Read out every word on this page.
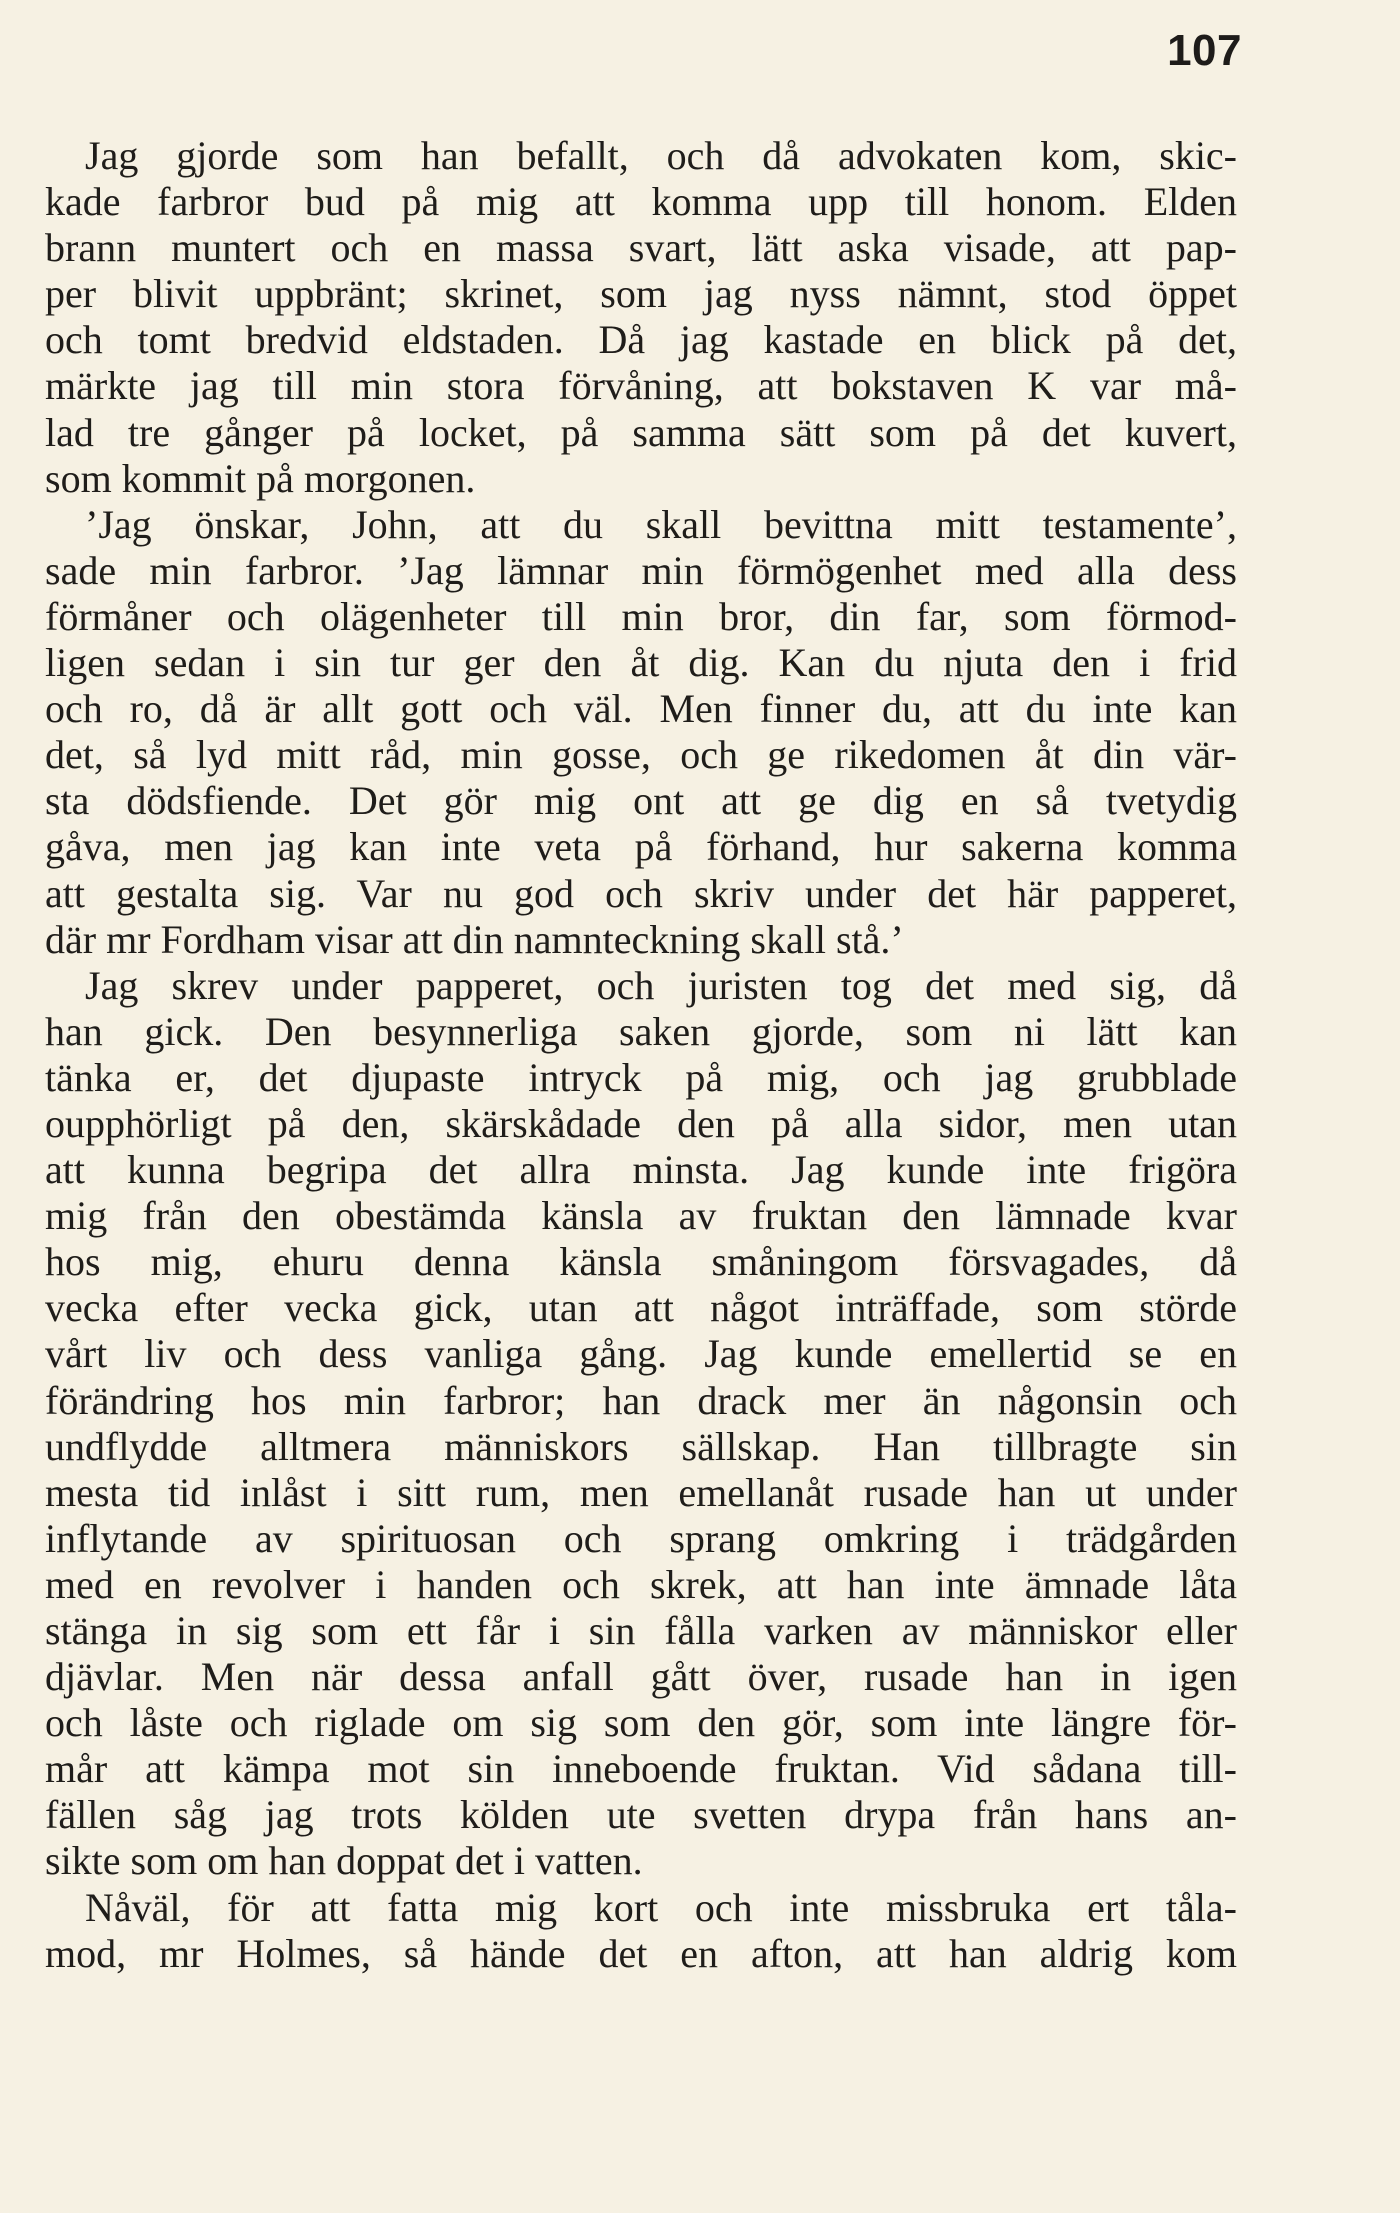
107
Jag gjorde som han befallt, och då advokaten kom, skic-
kade farbror bud på mig att komma upp till honom. Elden
brann muntert och en massa svart, lätt aska visade, att pap-
per blivit uppbränt; skrinet, som jag nyss nämnt, stod öppet
och tomt bredvid eldstaden. Då jag kastade en blick på det,
märkte jag till min stora förvåning, att bokstaven K var må-
lad tre gånger på locket, på samma sätt som på det kuvert,
som kommit på morgonen.
’Jag önskar, John, att du skall bevittna mitt testamente’,
sade min farbror. ’Jag lämnar min förmögenhet med alla dess
förmåner och olägenheter till min bror, din far, som förmod-
ligen sedan i sin tur ger den åt dig. Kan du njuta den i frid
och ro, då är allt gott och väl. Men finner du, att du inte kan
det, så lyd mitt råd, min gosse, och ge rikedomen åt din vär-
sta dödsfiende. Det gör mig ont att ge dig en så tvetydig
gåva, men jag kan inte veta på förhand, hur sakerna komma
att gestalta sig. Var nu god och skriv under det här papperet,
där mr Fordham visar att din namnteckning skall stå.’
Jag skrev under papperet, och juristen tog det med sig, då
han gick. Den besynnerliga saken gjorde, som ni lätt kan
tänka er, det djupaste intryck på mig, och jag grubblade
oupphörligt på den, skärskådade den på alla sidor, men utan
att kunna begripa det allra minsta. Jag kunde inte frigöra
mig från den obestämda känsla av fruktan den lämnade kvar
hos mig, ehuru denna känsla småningom försvagades, då
vecka efter vecka gick, utan att något inträffade, som störde
vårt liv och dess vanliga gång. Jag kunde emellertid se en
förändring hos min farbror; han drack mer än någonsin och
undflydde alltmera människors sällskap. Han tillbragte sin
mesta tid inlåst i sitt rum, men emellanåt rusade han ut under
inflytande av spirituosan och sprang omkring i trädgården
med en revolver i handen och skrek, att han inte ämnade låta
stänga in sig som ett får i sin fålla varken av människor eller
djävlar. Men när dessa anfall gått över, rusade han in igen
och låste och riglade om sig som den gör, som inte längre för-
mår att kämpa mot sin inneboende fruktan. Vid sådana till-
fällen såg jag trots kölden ute svetten drypa från hans an-
sikte som om han doppat det i vatten.
Nåväl, för att fatta mig kort och inte missbruka ert tåla-
mod, mr Holmes, så hände det en afton, att han aldrig kom
